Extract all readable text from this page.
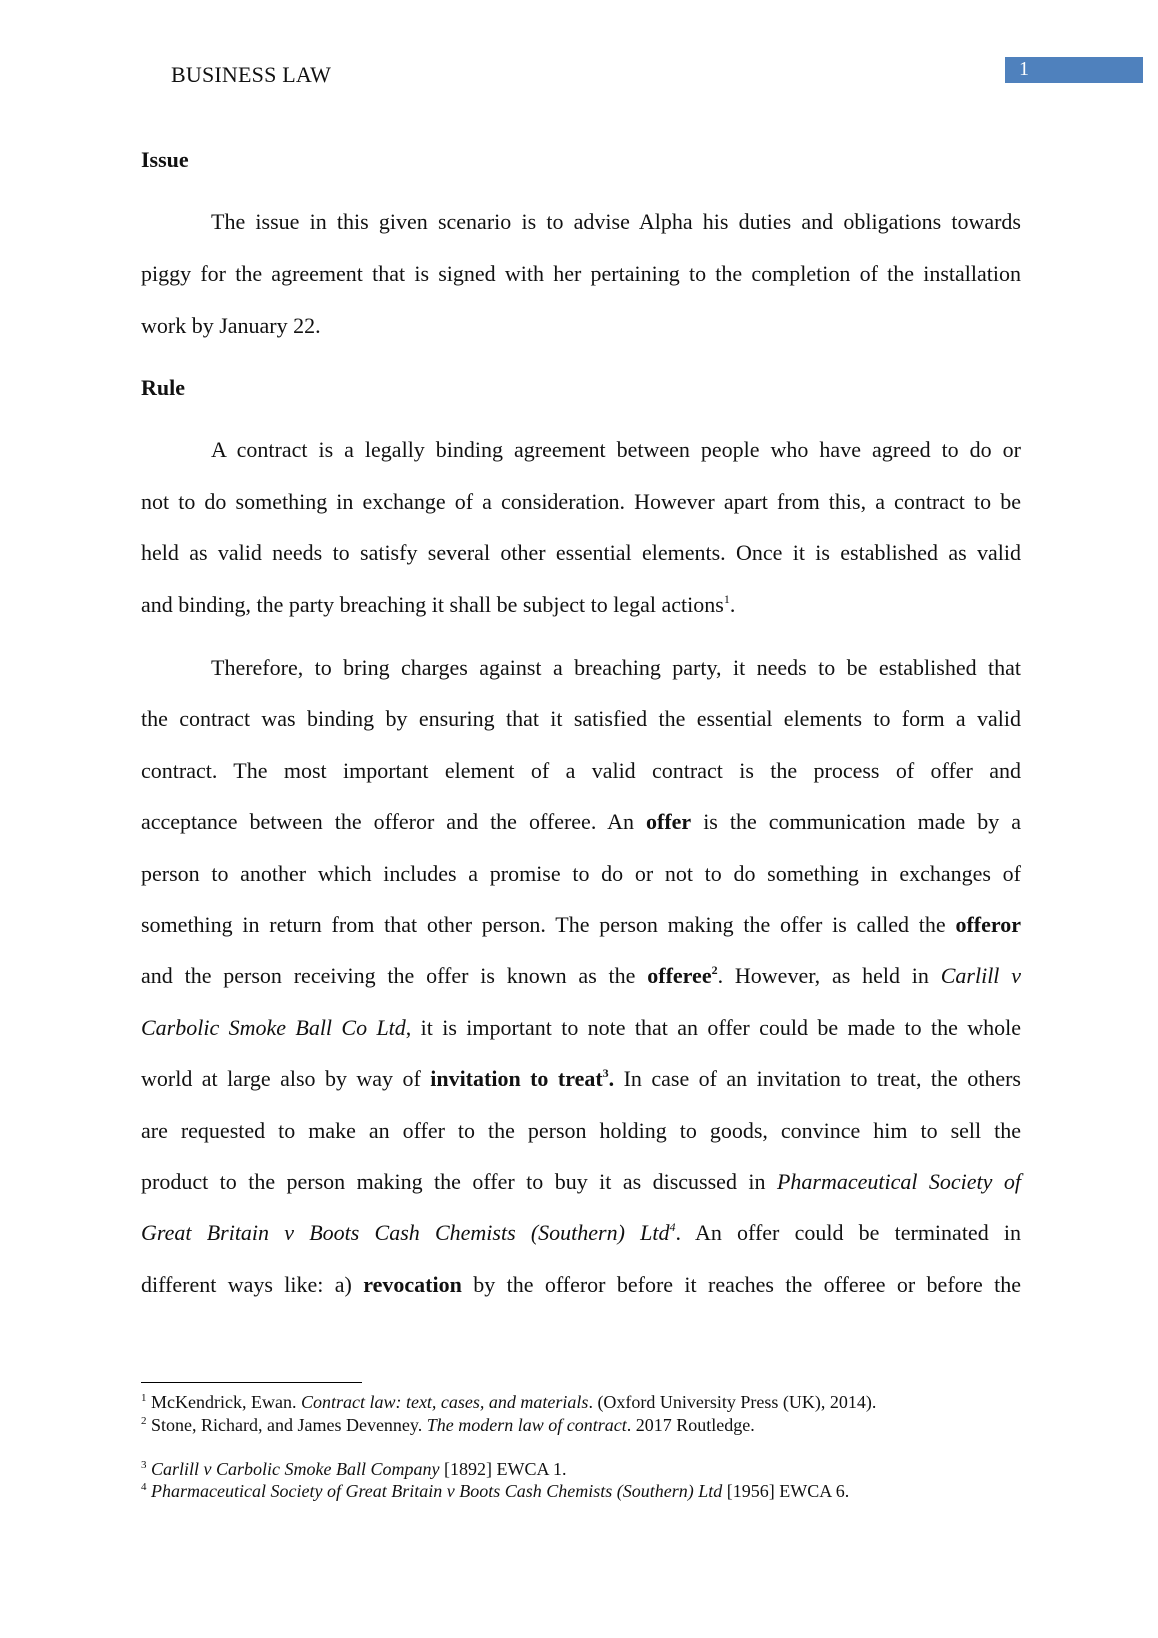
BUSINESS LAW	1
Issue
The issue in this given scenario is to advise Alpha his duties and obligations towards
piggy for the agreement that is signed with her pertaining to the completion of the installation
work by January 22.
Rule
A contract is a legally binding agreement between people who have agreed to do or
not to do something in exchange of a consideration. However apart from this, a contract to be
held as valid needs to satisfy several other essential elements. Once it is established as valid
and binding, the party breaching it shall be subject to legal actions$^1$.
Therefore, to bring charges against a breaching party, it needs to be established that
the contract was binding by ensuring that it satisfied the essential elements to form a valid
contract. The most important element of a valid contract is the process of offer and
acceptance between the offeror and the offeree. An offer is the communication made by a
person to another which includes a promise to do or not to do something in exchanges of
something in return from that other person. The person making the offer is called the offeror
and the person receiving the offer is known as the offeree$^2$. However, as held in Carlill v
Carbolic Smoke Ball Co Ltd, it is important to note that an offer could be made to the whole
world at large also by way of invitation to treat$^3$. In case of an invitation to treat, the others
are requested to make an offer to the person holding to goods, convince him to sell the
product to the person making the offer to buy it as discussed in Pharmaceutical Society of
Great Britain v Boots Cash Chemists (Southern) Ltd$^4$. An offer could be terminated in
different ways like: a) revocation by the offeror before it reaches the offeree or before the
$^1$ McKendrick, Ewan. Contract law: text, cases, and materials. (Oxford University Press (UK), 2014).
$^2$ Stone, Richard, and James Devenney. The modern law of contract. 2017 Routledge.
$^3$ Carlill v Carbolic Smoke Ball Company [1892] EWCA 1.
$^4$ Pharmaceutical Society of Great Britain v Boots Cash Chemists (Southern) Ltd [1956] EWCA 6.
